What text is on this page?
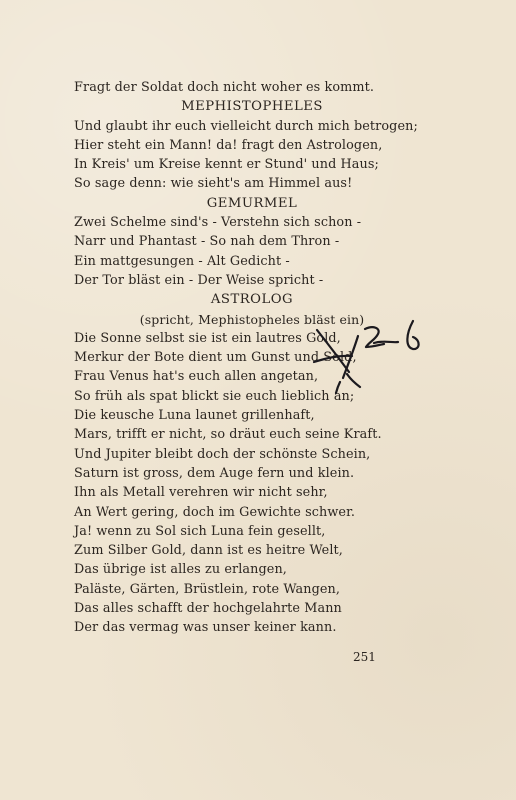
Fragt der Soldat doch nicht woher es kommt.
MEPHISTOPHELES
Und glaubt ihr euch vielleicht durch mich betrogen;
Hier steht ein Mann! da! fragt den Astrologen,
In Kreis' um Kreise kennt er Stund' und Haus;
So sage denn: wie sieht's am Himmel aus!
GEMURMEL
Zwei Schelme sind's - Verstehn sich schon -
Narr und Phantast - So nah dem Thron -
Ein mattgesungen - Alt Gedicht -
Der Tor bläst ein - Der Weise spricht -
ASTROLOG
(spricht, Mephistopheles bläst ein)
Die Sonne selbst sie ist ein lautres Gold,
Merkur der Bote dient um Gunst und Sold,
Frau Venus hat's euch allen angetan,
So früh als spat blickt sie euch lieblich an;
Die keusche Luna launet grillenhaft,
Mars, trifft er nicht, so dräut euch seine Kraft.
Und Jupiter bleibt doch der schönste Schein,
Saturn ist gross, dem Auge fern und klein.
Ihn als Metall verehren wir nicht sehr,
An Wert gering, doch im Gewichte schwer.
Ja! wenn zu Sol sich Luna fein gesellt,
Zum Silber Gold, dann ist es heitre Welt,
Das übrige ist alles zu erlangen,
Paläste, Gärten, Brüstlein, rote Wangen,
Das alles schafft der hochgelahrte Mann
Der das vermag was unser keiner kann.
251
